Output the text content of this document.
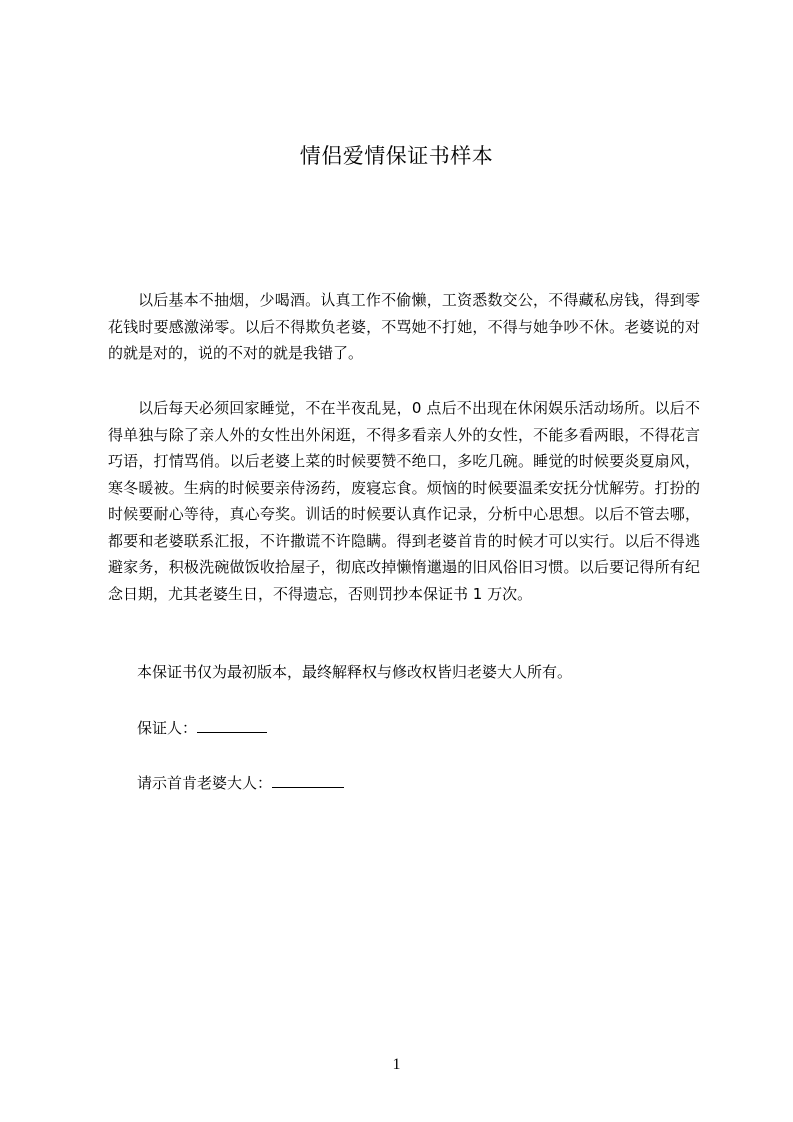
情侣爱情保证书样本

以后基本不抽烟，少喝酒。认真工作不偷懒，工资悉数交公，不得藏私房钱，得到零花钱时要感激涕零。以后不得欺负老婆，不骂她不打她，不得与她争吵不休。老婆说的对的就是对的，说的不对的就是我错了。

以后每天必须回家睡觉，不在半夜乱晃，0 点后不出现在休闲娱乐活动场所。以后不得单独与除了亲人外的女性出外闲逛，不得多看亲人外的女性，不能多看两眼，不得花言巧语，打情骂俏。以后老婆上菜的时候要赞不绝口，多吃几碗。睡觉的时候要炎夏扇风，寒冬暖被。生病的时候要亲侍汤药，废寝忘食。烦恼的时候要温柔安抚分忧解劳。打扮的时候要耐心等待，真心夸奖。训话的时候要认真作记录，分析中心思想。以后不管去哪，都要和老婆联系汇报，不许撒谎不许隐瞒。得到老婆首肯的时候才可以实行。以后不得逃避家务，积极洗碗做饭收拾屋子，彻底改掉懒惰邋遢的旧风俗旧习惯。以后要记得所有纪念日期，尤其老婆生日，不得遗忘，否则罚抄本保证书 1 万次。

本保证书仅为最初版本，最终解释权与修改权皆归老婆大人所有。
保证人：
请示首肯老婆大人：
1
